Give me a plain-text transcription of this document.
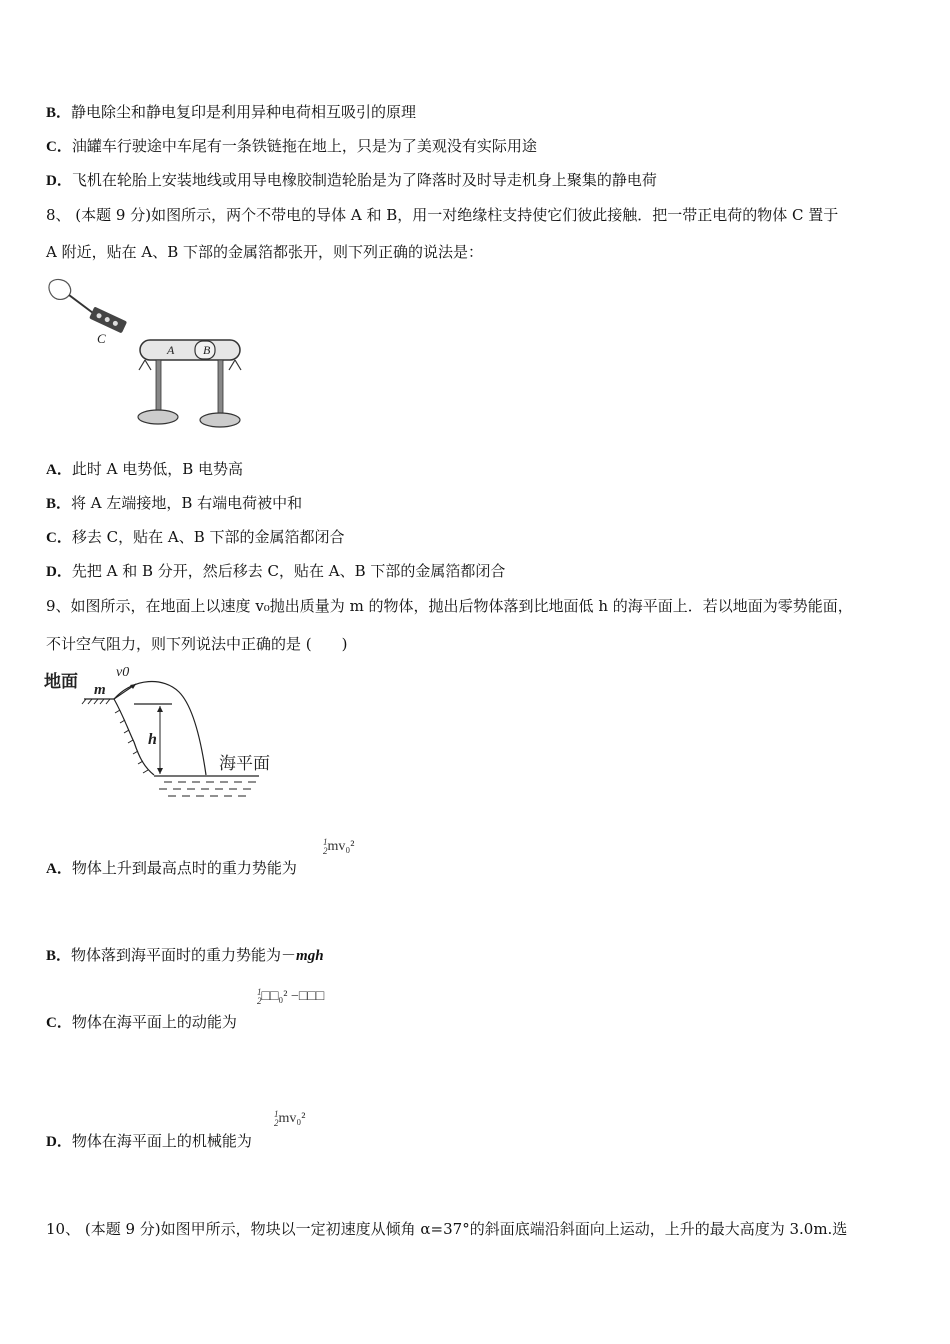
B．静电除尘和静电复印是利用异种电荷相互吸引的原理
C．油罐车行驶途中车尾有一条铁链拖在地上，只是为了美观没有实际用途
D．飞机在轮胎上安装地线或用导电橡胶制造轮胎是为了降落时及时导走机身上聚集的静电荷
8、 (本题 9 分)如图所示，两个不带电的导体 A 和 B，用一对绝缘柱支持使它们彼此接触．把一带正电荷的物体 C 置于
A 附近，贴在 A、B 下部的金属箔都张开，则下列正确的说法是：
C
A B
A．此时 A 电势低，B 电势高
B．将 A 左端接地，B 右端电荷被中和
C．移去 C，贴在 A、B 下部的金属箔都闭合
D．先把 A 和 B 分开，然后移去 C，贴在 A、B 下部的金属箔都闭合
9、如图所示，在地面上以速度 v₀抛出质量为 m 的物体，抛出后物体落到比地面低 h 的海平面上．若以地面为零势能面，
不计空气阻力，则下列说法中正确的是 (　　)
地面 m
v0
h
海平面
A．物体上升到最高点时的重力势能为
1
2 mv₀²
B．物体落到海平面时的重力势能为－mgh
C．物体在海平面上的动能为
1
2 □□₀² −□□□
D．物体在海平面上的机械能为
1
2 mv₀²
10、 (本题 9 分)如图甲所示，物块以一定初速度从倾角 α=37°的斜面底端沿斜面向上运动，上升的最大高度为 3.0m.选
